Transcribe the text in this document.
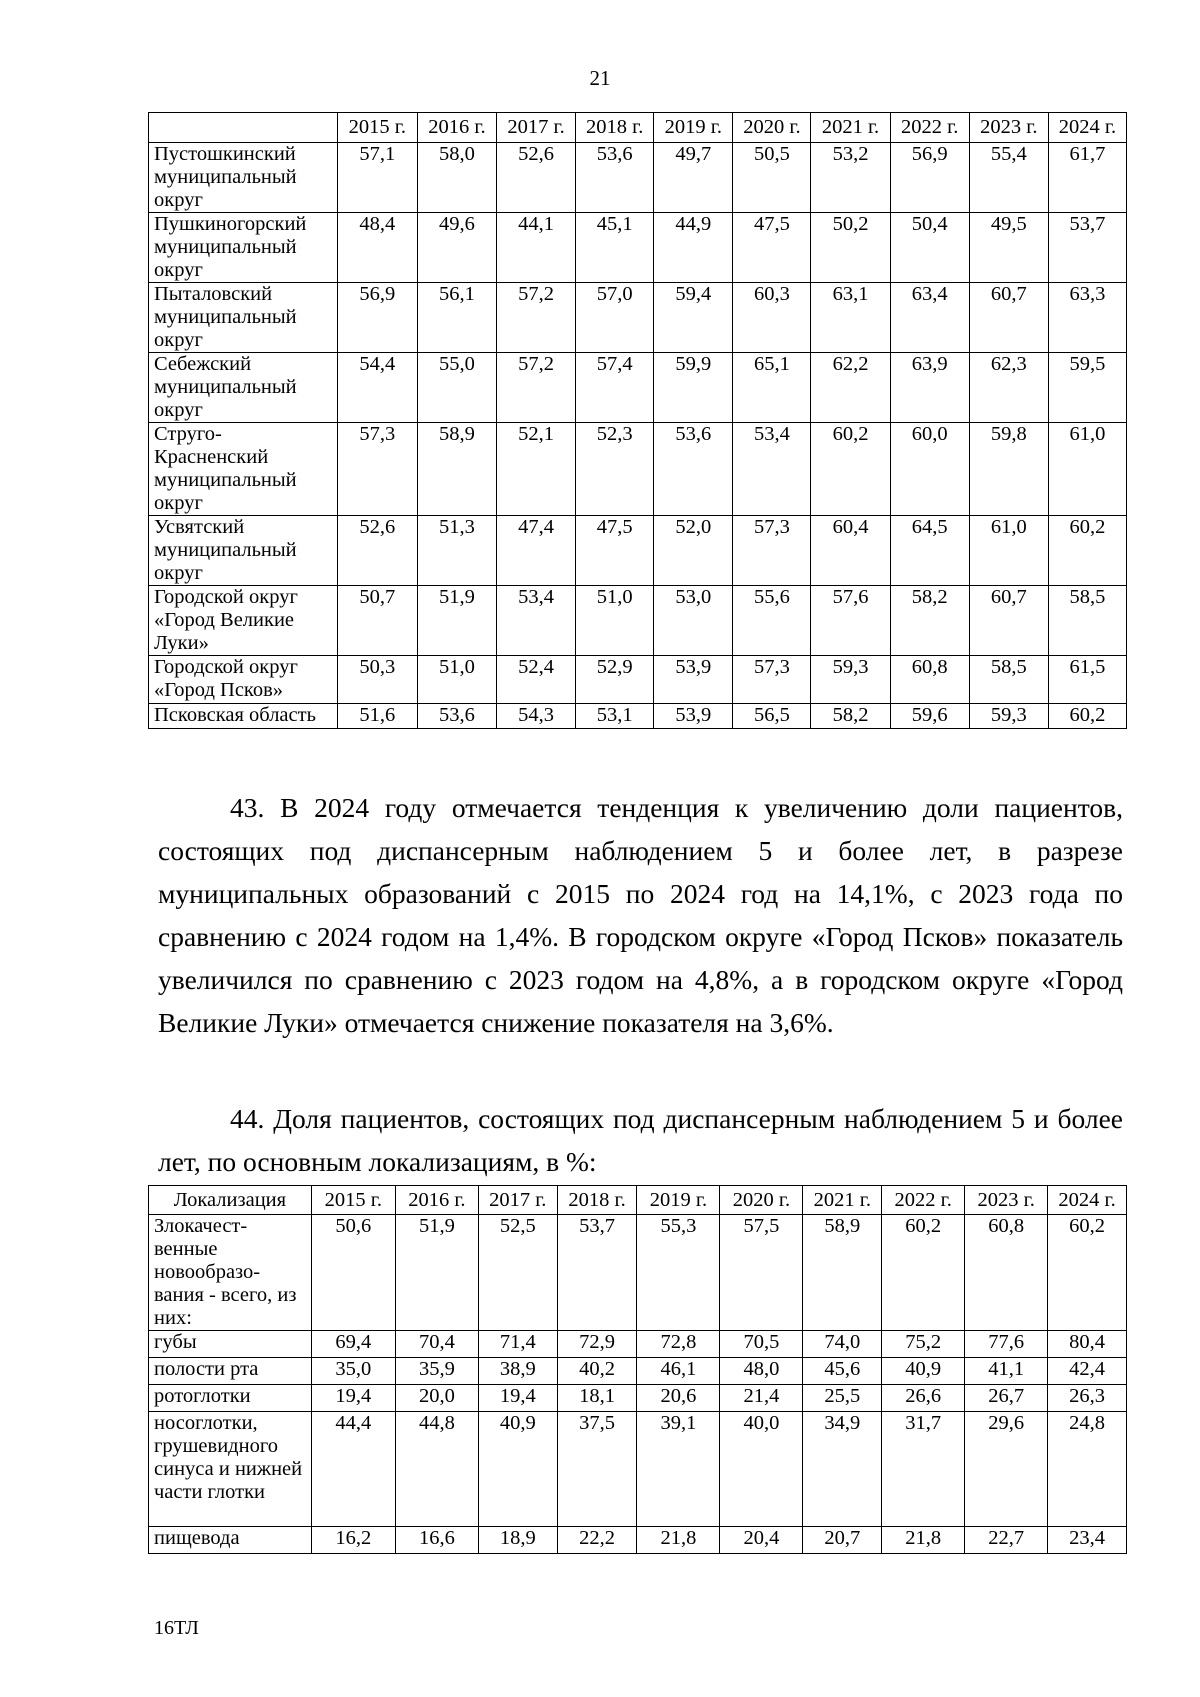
21
	2015 г.	2016 г.	2017 г.	2018 г.	2019 г.	2020 г.	2021 г.	2022 г.	2023 г.	2024 г.
Пустошкинский муниципальный округ	57,1	58,0	52,6	53,6	49,7	50,5	53,2	56,9	55,4	61,7
Пушкиногорский муниципальный округ	48,4	49,6	44,1	45,1	44,9	47,5	50,2	50,4	49,5	53,7
Пыталовский муниципальный округ	56,9	56,1	57,2	57,0	59,4	60,3	63,1	63,4	60,7	63,3
Себежский муниципальный округ	54,4	55,0	57,2	57,4	59,9	65,1	62,2	63,9	62,3	59,5
Струго-Красненский муниципальный округ	57,3	58,9	52,1	52,3	53,6	53,4	60,2	60,0	59,8	61,0
Усвятский муниципальный округ	52,6	51,3	47,4	47,5	52,0	57,3	60,4	64,5	61,0	60,2
Городской округ «Город Великие Луки»	50,7	51,9	53,4	51,0	53,0	55,6	57,6	58,2	60,7	58,5
Городской округ «Город Псков»	50,3	51,0	52,4	52,9	53,9	57,3	59,3	60,8	58,5	61,5
Псковская область	51,6	53,6	54,3	53,1	53,9	56,5	58,2	59,6	59,3	60,2
43. В 2024 году отмечается тенденция к увеличению доли пациентов, состоящих под диспансерным наблюдением 5 и более лет, в разрезе муниципальных образований с 2015 по 2024 год на 14,1%, с 2023 года по сравнению с 2024 годом на 1,4%. В городском округе «Город Псков» показатель увеличился по сравнению с 2023 годом на 4,8%, а в городском округе «Город Великие Луки» отмечается снижение показателя на 3,6%.
44. Доля пациентов, состоящих под диспансерным наблюдением 5 и более лет, по основным локализациям, в %:
Локализация	2015 г.	2016 г.	2017 г.	2018 г.	2019 г.	2020 г.	2021 г.	2022 г.	2023 г.	2024 г.
Злокачест-венные новообразо-вания - всего, из них:	50,6	51,9	52,5	53,7	55,3	57,5	58,9	60,2	60,8	60,2
губы	69,4	70,4	71,4	72,9	72,8	70,5	74,0	75,2	77,6	80,4
полости рта	35,0	35,9	38,9	40,2	46,1	48,0	45,6	40,9	41,1	42,4
ротоглотки	19,4	20,0	19,4	18,1	20,6	21,4	25,5	26,6	26,7	26,3
носоглотки, грушевидного синуса и нижней части глотки	44,4	44,8	40,9	37,5	39,1	40,0	34,9	31,7	29,6	24,8
пищевода	16,2	16,6	18,9	22,2	21,8	20,4	20,7	21,8	22,7	23,4
16ТЛ
